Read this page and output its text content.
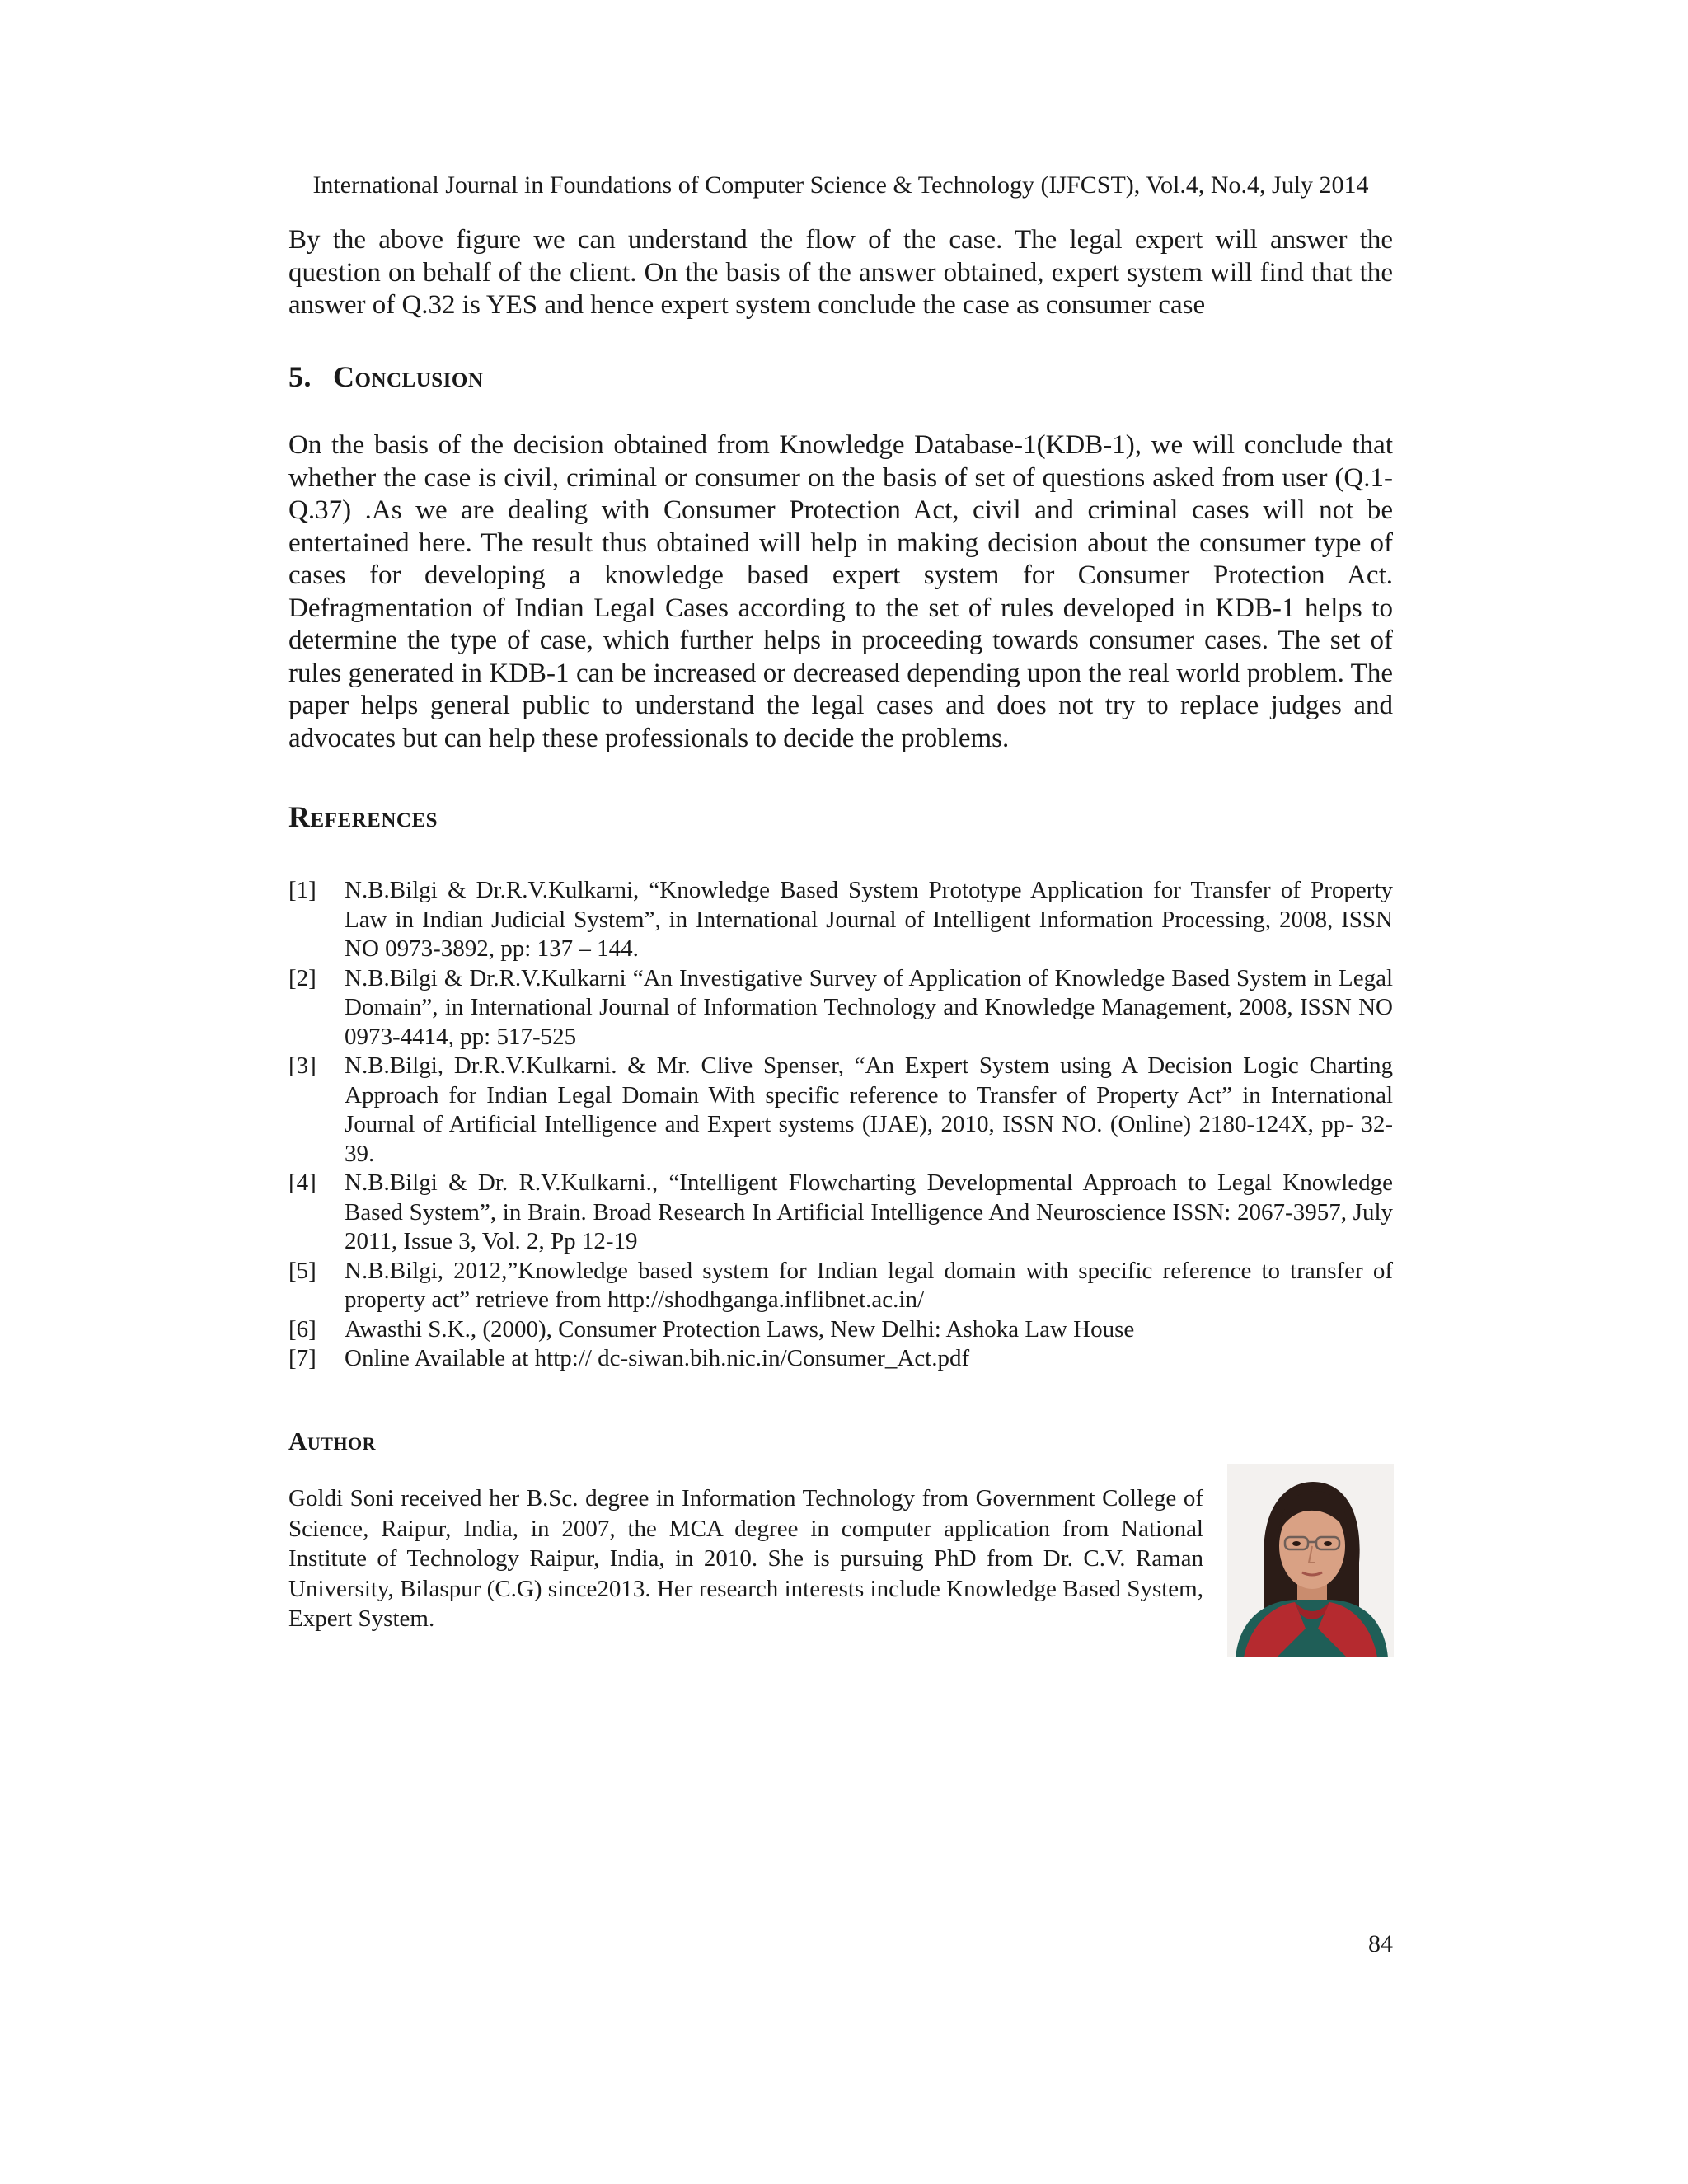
International Journal in Foundations of Computer Science & Technology (IJFCST), Vol.4, No.4, July 2014

By the above figure we can understand the flow of the case. The legal expert will answer the question on behalf of the client. On the basis of the answer obtained, expert system will find that the answer of Q.32 is YES and hence expert system conclude the case as consumer case

5. Conclusion

On the basis of the decision obtained from Knowledge Database-1(KDB-1), we will conclude that whether the case is civil, criminal or consumer on the basis of set of questions asked from user (Q.1- Q.37) .As we are dealing with Consumer Protection Act, civil and criminal cases will not be entertained here. The result thus obtained will help in making decision about the consumer type of cases for developing a knowledge based expert system for Consumer Protection Act. Defragmentation of Indian Legal Cases according to the set of rules developed in KDB-1 helps to determine the type of case, which further helps in proceeding towards consumer cases. The set of rules generated in KDB-1 can be increased or decreased depending upon the real world problem. The paper helps general public to understand the legal cases and does not try to replace judges and advocates but can help these professionals to decide the problems.

References
[1]	N.B.Bilgi & Dr.R.V.Kulkarni, “Knowledge Based System Prototype Application for Transfer of Property Law in Indian Judicial System”, in International Journal of Intelligent Information Processing, 2008, ISSN NO 0973-3892, pp: 137 – 144.
[2]	N.B.Bilgi & Dr.R.V.Kulkarni “An Investigative Survey of Application of Knowledge Based System in Legal Domain”, in International Journal of Information Technology and Knowledge Management, 2008, ISSN NO 0973-4414, pp: 517-525
[3]	N.B.Bilgi, Dr.R.V.Kulkarni. & Mr. Clive Spenser, “An Expert System using A Decision Logic Charting Approach for Indian Legal Domain With specific reference to Transfer of Property Act” in International Journal of Artificial Intelligence and Expert systems (IJAE), 2010, ISSN NO. (Online) 2180-124X, pp- 32-39.
[4]	N.B.Bilgi & Dr. R.V.Kulkarni., “Intelligent Flowcharting Developmental Approach to Legal Knowledge Based System”, in Brain. Broad Research In Artificial Intelligence And Neuroscience ISSN: 2067-3957, July 2011, Issue 3, Vol. 2, Pp 12-19
[5]	N.B.Bilgi, 2012,”Knowledge based system for Indian legal domain with specific reference to transfer of property act” retrieve from http://shodhganga.inflibnet.ac.in/
[6]	Awasthi S.K., (2000), Consumer Protection Laws, New Delhi: Ashoka Law House
[7]	Online Available at http:// dc-siwan.bih.nic.in/Consumer_Act.pdf
Author

Goldi Soni received her B.Sc. degree in Information Technology from Government College of Science, Raipur, India, in 2007, the MCA degree in computer application from National Institute of Technology Raipur, India, in 2010. She is pursuing PhD from Dr. C.V. Raman University, Bilaspur (C.G) since2013. Her research interests include Knowledge Based System, Expert System.

84
